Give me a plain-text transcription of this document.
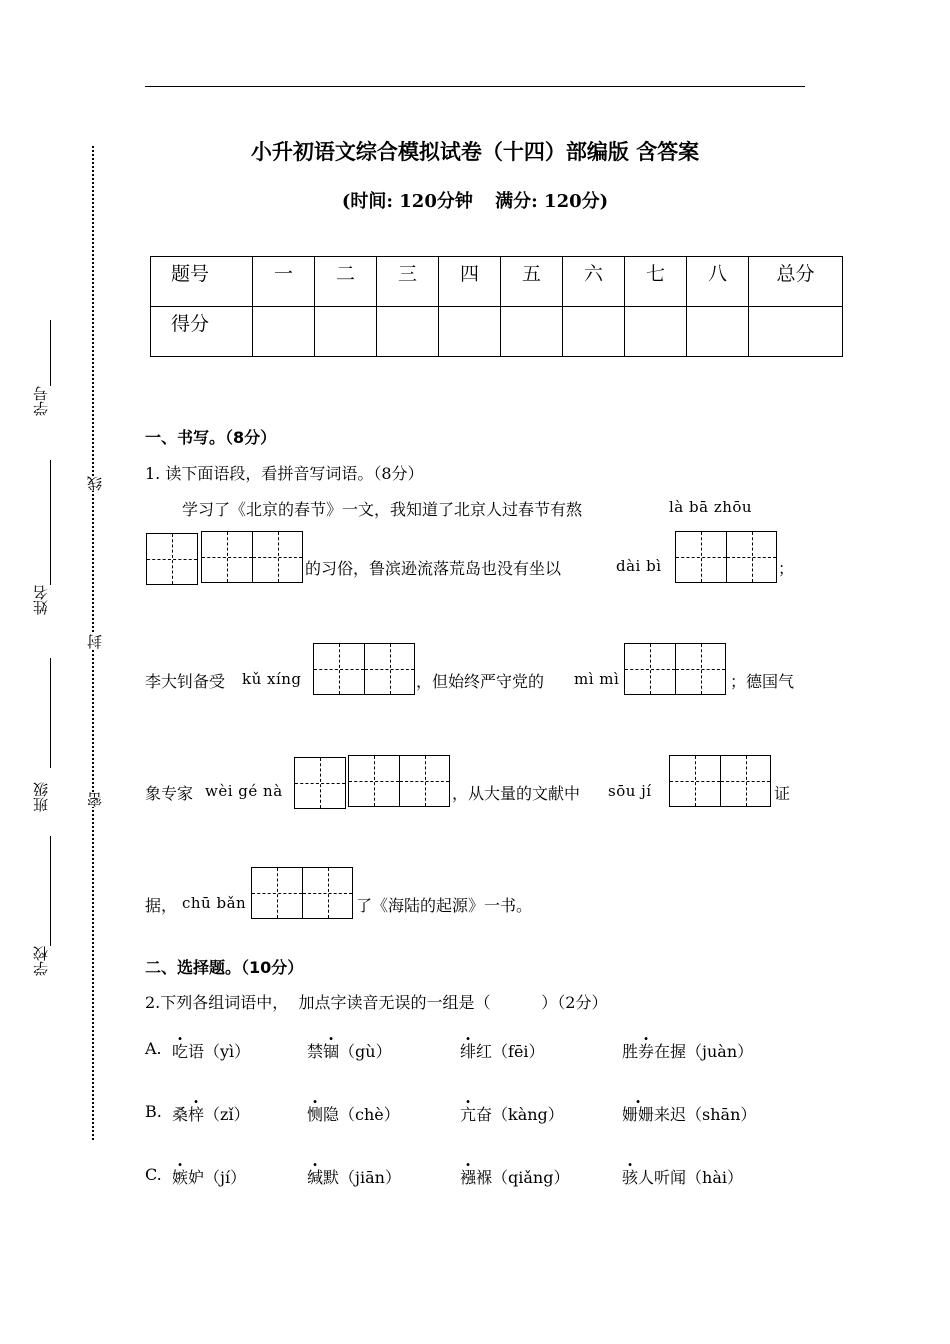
学号
姓名
班级
学校
线
封
密
小升初语文综合模拟试卷（十四）部编版 含答案
(时间: 120分钟 满分: 120分)
题号	一	二	三	四	五	六	七	八	总分
得分									
一、书写。（8分）
1. 读下面语段，看拼音写词语。（8分）
学习了《北京的春节》一文，我知道了北京人过春节有熬	là bā zhōu
的习俗，鲁滨逊流落荒岛也没有坐以	dài bì	；
李大钊备受 kǔ xíng	，但始终严守党的 mì mì	；德国气
象专家 wèi gé nà	，从大量的文献中 sōu jí	证
据， chū bǎn	了《海陆的起源》一书。
二、选择题。（10分）
2.下列各组词语中，  加点字读音无误的一组是（          ）（2分）
A. 吃语（yì）	禁锢（gù）	绯红（fēi）	胜券在握（juàn）
B. 桑梓（zǐ）	恻隐（chè）	亢奋（kàng）	姗姗来迟（shān）
C. 嫉妒（jí）	缄默（jiān）	襁褓（qiǎng）	骇人听闻（hài）
